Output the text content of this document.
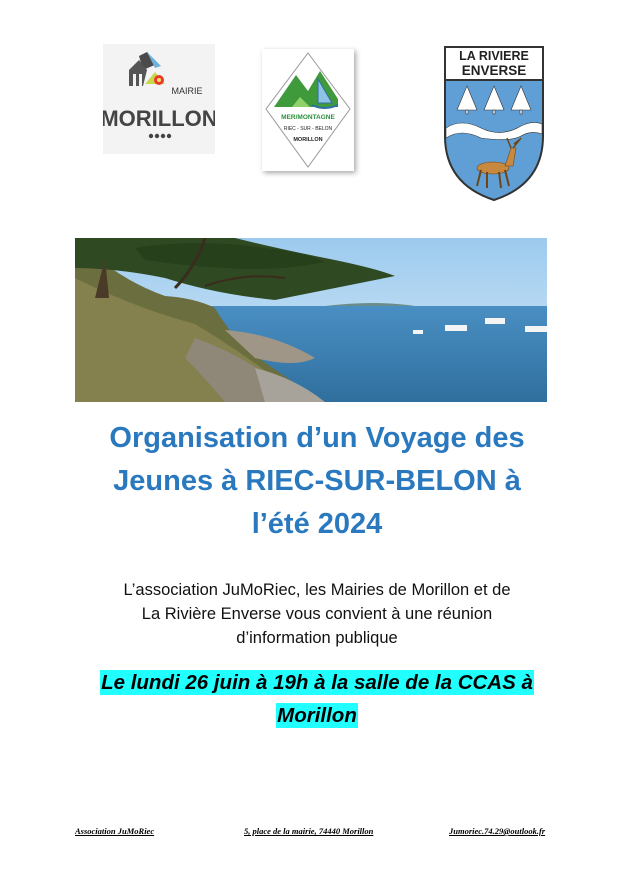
MAIRIE
MORILLON	MER/MONTAGNE
RIEC - SUR - BELON
MORILLON
LA RIVIERE
ENVERSE
Organisation d’un Voyage des
Jeunes à RIEC-SUR-BELON à
l’été 2024

L’association JuMoRiec, les Mairies de Morillon et de
La Rivière Enverse vous convient à une réunion
d’information publique

Le lundi 26 juin à 19h à la salle de la CCAS à
Morillon

Association JuMoRiec	5, place de la mairie, 74440 Morillon	Jumoriec.74.29@outlook.fr
